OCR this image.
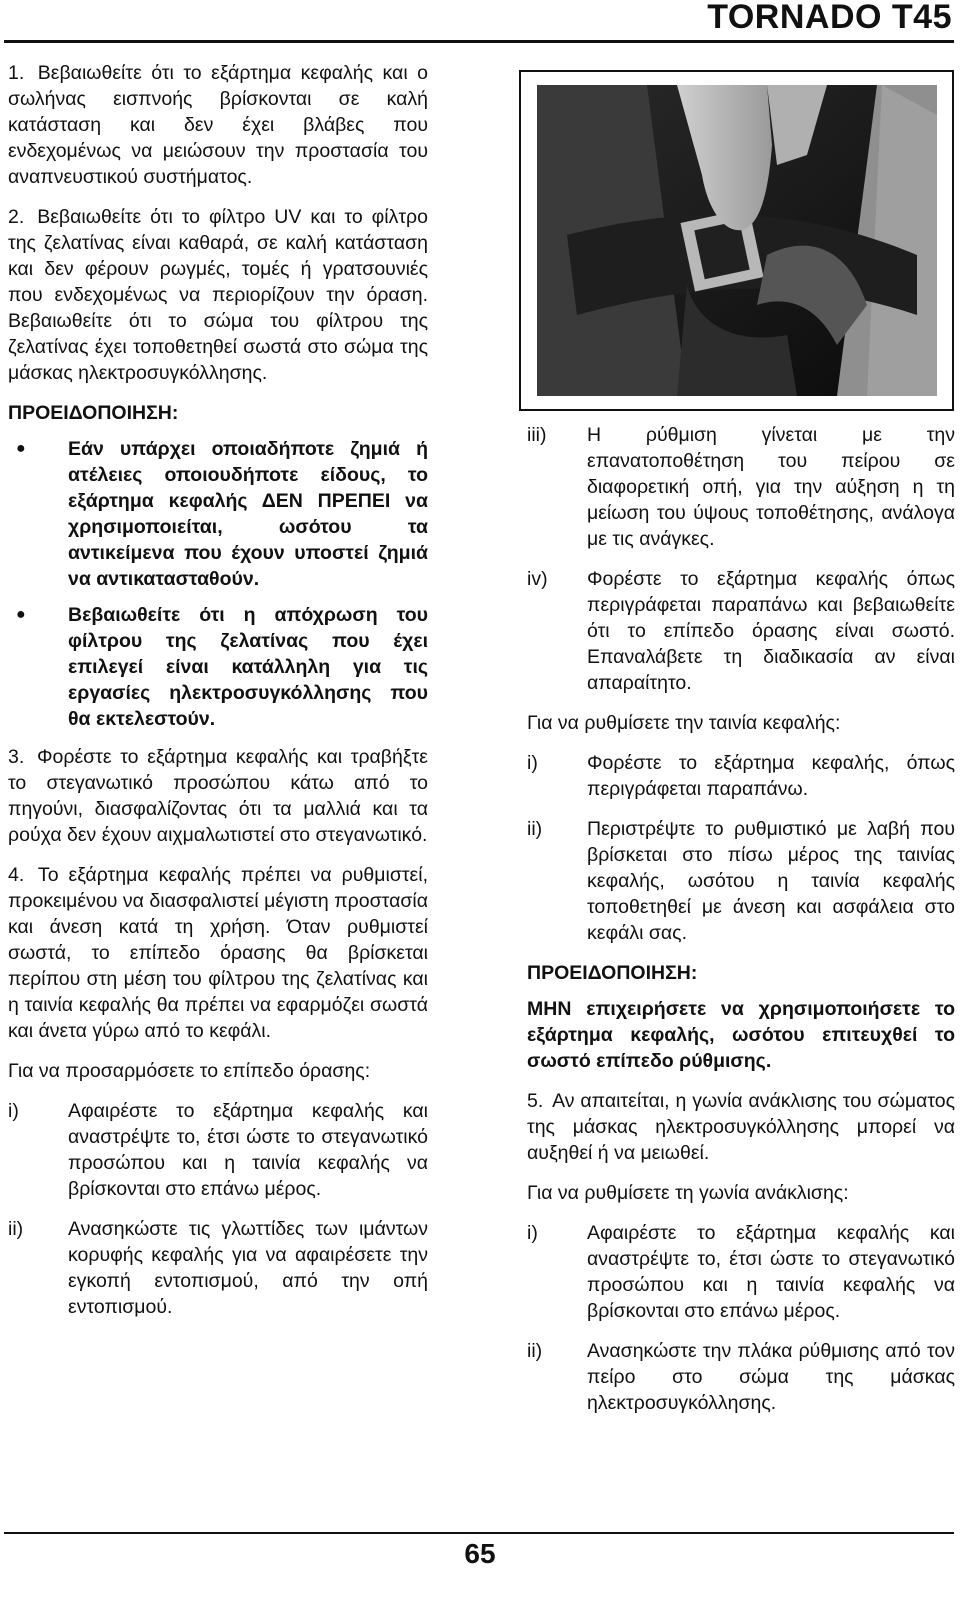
TORNADO T45

1. Βεβαιωθείτε ότι το εξάρτημα κεφαλής και ο σωλήνας εισπνοής βρίσκονται σε καλή κατάσταση και δεν έχει βλάβες που ενδεχομένως να μειώσουν την προστασία του αναπνευστικού συστήματος.

2. Βεβαιωθείτε ότι το φίλτρο UV και το φίλτρο της ζελατίνας είναι καθαρά, σε καλή κατάσταση και δεν φέρουν ρωγμές, τομές ή γρατσουνιές που ενδεχομένως να περιορίζουν την όραση. Βεβαιωθείτε ότι το σώμα του φίλτρου της ζελατίνας έχει τοποθετηθεί σωστά στο σώμα της μάσκας ηλεκτροσυγκόλλησης.

ΠΡΟΕΙΔΟΠΟΙΗΣΗ:
● Εάν υπάρχει οποιαδήποτε ζημιά ή ατέλειες οποιουδήποτε είδους, το εξάρτημα κεφαλής ΔΕΝ ΠΡΕΠΕΙ να χρησιμοποιείται, ωσότου τα αντικείμενα που έχουν υποστεί ζημιά να αντικατασταθούν.
● Βεβαιωθείτε ότι η απόχρωση του φίλτρου της ζελατίνας που έχει επιλεγεί είναι κατάλληλη για τις εργασίες ηλεκτροσυγκόλλησης που θα εκτελεστούν.

3. Φορέστε το εξάρτημα κεφαλής και τραβήξτε το στεγανωτικό προσώπου κάτω από το πηγούνι, διασφαλίζοντας ότι τα μαλλιά και τα ρούχα δεν έχουν αιχμαλωτιστεί στο στεγανωτικό.

4. Το εξάρτημα κεφαλής πρέπει να ρυθμιστεί, προκειμένου να διασφαλιστεί μέγιστη προστασία και άνεση κατά τη χρήση. Όταν ρυθμιστεί σωστά, το επίπεδο όρασης θα βρίσκεται περίπου στη μέση του φίλτρου της ζελατίνας και η ταινία κεφαλής θα πρέπει να εφαρμόζει σωστά και άνετα γύρω από το κεφάλι.

Για να προσαρμόσετε το επίπεδο όρασης:

i)	Αφαιρέστε το εξάρτημα κεφαλής και αναστρέψτε το, έτσι ώστε το στεγανωτικό προσώπου και η ταινία κεφαλής να βρίσκονται στο επάνω μέρος.
ii)	Ανασηκώστε τις γλωττίδες των ιμάντων κορυφής κεφαλής για να αφαιρέσετε την εγκοπή εντοπισμού, από την οπή εντοπισμού.
iii)	Η ρύθμιση γίνεται με την επανατοποθέτηση του πείρου σε διαφορετική οπή, για την αύξηση η τη μείωση του ύψους τοποθέτησης, ανάλογα με τις ανάγκες.
iv)	Φορέστε το εξάρτημα κεφαλής όπως περιγράφεται παραπάνω και βεβαιωθείτε ότι το επίπεδο όρασης είναι σωστό. Επαναλάβετε τη διαδικασία αν είναι απαραίτητο.

Για να ρυθμίσετε την ταινία κεφαλής:

i)	Φορέστε το εξάρτημα κεφαλής, όπως περιγράφεται παραπάνω.
ii)	Περιστρέψτε το ρυθμιστικό με λαβή που βρίσκεται στο πίσω μέρος της ταινίας κεφαλής, ωσότου η ταινία κεφαλής τοποθετηθεί με άνεση και ασφάλεια στο κεφάλι σας.
ΠΡΟΕΙΔΟΠΟΙΗΣΗ:

ΜΗΝ επιχειρήσετε να χρησιμοποιήσετε το εξάρτημα κεφαλής, ωσότου επιτευχθεί το σωστό επίπεδο ρύθμισης.

5. Αν απαιτείται, η γωνία ανάκλισης του σώματος της μάσκας ηλεκτροσυγκόλλησης μπορεί να αυξηθεί ή να μειωθεί.

Για να ρυθμίσετε τη γωνία ανάκλισης:

i)	Αφαιρέστε το εξάρτημα κεφαλής και αναστρέψτε το, έτσι ώστε το στεγανωτικό προσώπου και η ταινία κεφαλής να βρίσκονται στο επάνω μέρος.
ii)	Ανασηκώστε την πλάκα ρύθμισης από τον πείρο στο σώμα της μάσκας ηλεκτροσυγκόλλησης.
65
